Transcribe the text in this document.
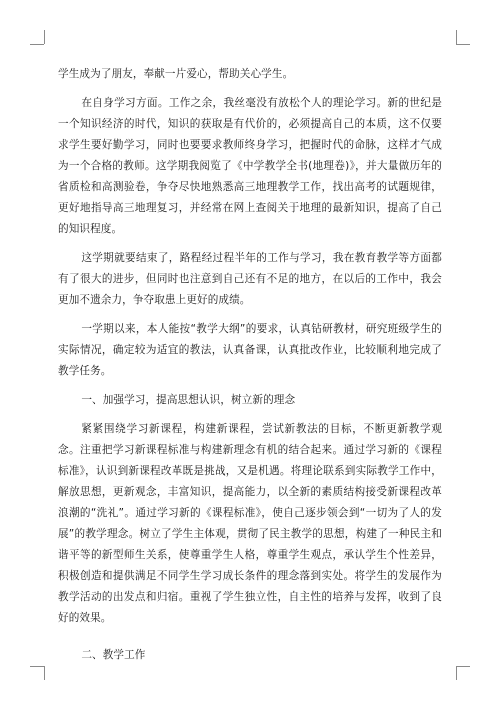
学生成为了朋友，奉献一片爱心，帮助关心学生。

在自身学习方面。工作之余，我丝毫没有放松个人的理论学习。新的世纪是一个知识经济的时代，知识的获取是有代价的，必须提高自己的本质，这不仅要求学生要好勤学习，同时也要要求教师终身学习，把握时代的命脉，这样才气成为一个合格的教师。这学期我阅览了《中学教学全书(地理卷)》，并大量做历年的省质检和高测验卷，争夺尽快地熟悉高三地理教学工作，找出高考的试题规律，更好地指导高三地理复习，并经常在网上查阅关于地理的最新知识，提高了自己的知识程度。

这学期就要结束了，路程经过程半年的工作与学习，我在教育教学等方面都有了很大的进步，但同时也注意到自己还有不足的地方，在以后的工作中，我会更加不遗余力，争夺取患上更好的成绩。

一学期以来，本人能按“教学大纲”的要求，认真钻研教材，研究班级学生的实际情况，确定较为适宜的教法，认真备课，认真批改作业，比较顺利地完成了教学任务。

一、加强学习，提高思想认识，树立新的理念

紧紧围绕学习新课程，构建新课程，尝试新教法的目标，不断更新教学观念。注重把学习新课程标准与构建新理念有机的结合起来。通过学习新的《课程标准》，认识到新课程改革既是挑战，又是机遇。将理论联系到实际教学工作中，解放思想，更新观念，丰富知识，提高能力，以全新的素质结构接受新课程改革浪潮的“洗礼”。通过学习新的《课程标准》，使自己逐步领会到“一切为了人的发展”的教学理念。树立了学生主体观，贯彻了民主教学的思想，构建了一种民主和谐平等的新型师生关系，使尊重学生人格，尊重学生观点，承认学生个性差异，积极创造和提供满足不同学生学习成长条件的理念落到实处。将学生的发展作为教学活动的出发点和归宿。重视了学生独立性，自主性的培养与发挥，收到了良好的效果。

二、教学工作
